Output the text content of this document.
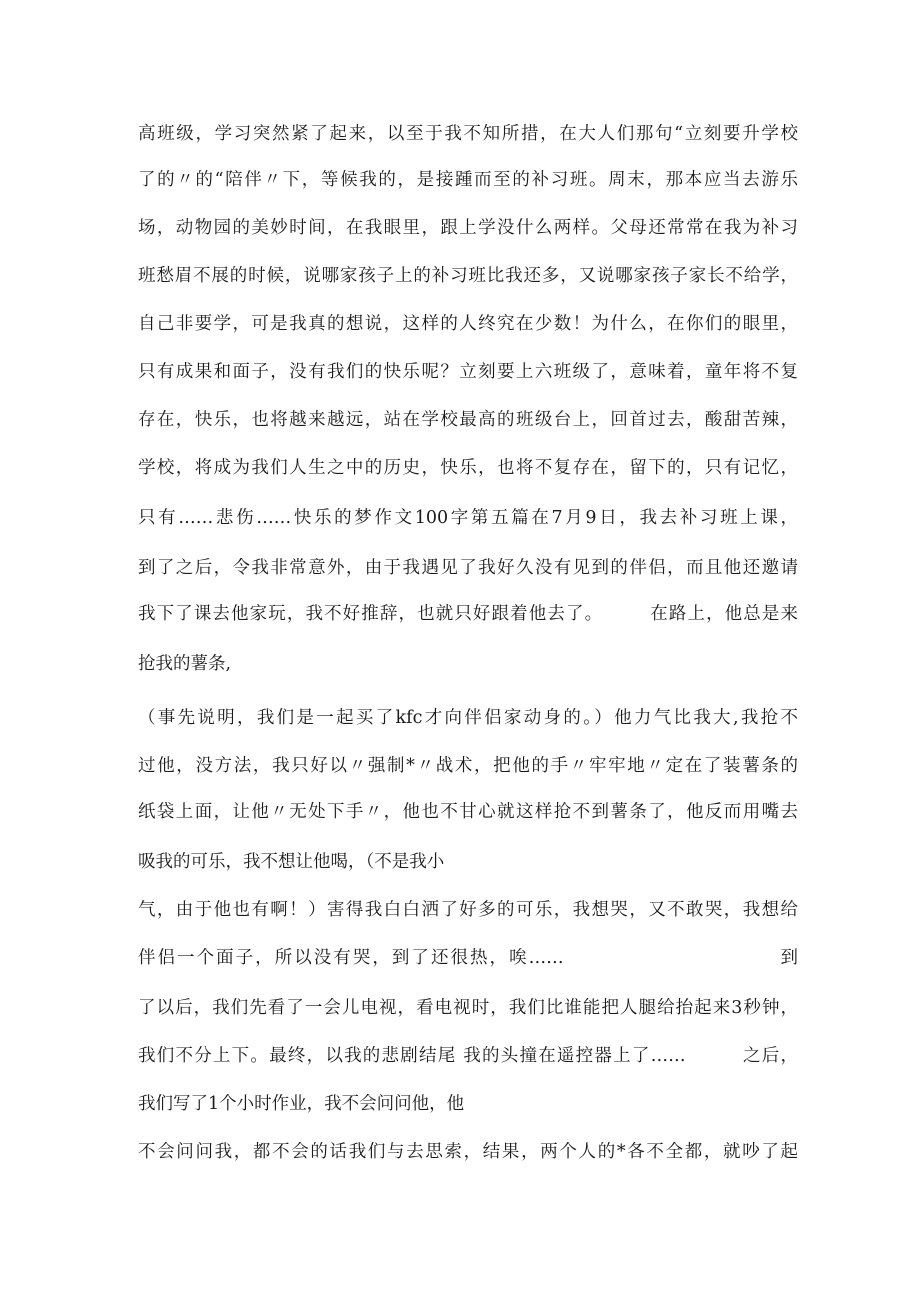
高班级，学习突然紧了起来，以至于我不知所措，在大人们那句“立刻要升学校
了的〃的“陪伴〃下，等候我的，是接踵而至的补习班。周末，那本应当去游乐
场，动物园的美妙时间，在我眼里，跟上学没什么两样。父母还常常在我为补习
班愁眉不展的时候，说哪家孩子上的补习班比我还多，又说哪家孩子家长不给学，
自己非要学，可是我真的想说，这样的人终究在少数！为什么，在你们的眼里，
只有成果和面子，没有我们的快乐呢？立刻要上六班级了，意味着，童年将不复
存在，快乐，也将越来越远，站在学校最高的班级台上，回首过去，酸甜苦辣，
学校，将成为我们人生之中的历史，快乐，也将不复存在，留下的，只有记忆，
只有……悲伤……快乐的梦作文100字第五篇在7月9日，我去补习班上课，
到了之后，令我非常意外，由于我遇见了我好久没有见到的伴侣，而且他还邀请
我下了课去他家玩，我不好推辞，也就只好跟着他去了。　　　在路上，他总是来
抢我的薯条,
（事先说明，我们是一起买了kfc才向伴侣家动身的。）他力气比我大,我抢不
过他，没方法，我只好以〃强制*〃战术，把他的手〃牢牢地〃定在了装薯条的
纸袋上面，让他〃无处下手〃，他也不甘心就这样抢不到薯条了，他反而用嘴去
吸我的可乐，我不想让他喝，（不是我小
气，由于他也有啊！）害得我白白洒了好多的可乐，我想哭，又不敢哭，我想给
伴侣一个面子，所以没有哭，到了还很热，唉……　　　　　　　　　　　到
了以后，我们先看了一会儿电视，看电视时，我们比谁能把人腿给抬起来3秒钟，
我们不分上下。最终，以我的悲剧结尾 我的头撞在遥控器上了……　　　之后，
我们写了1个小时作业，我不会问问他，他
不会问问我，都不会的话我们与去思索，结果，两个人的*各不全都，就吵了起
